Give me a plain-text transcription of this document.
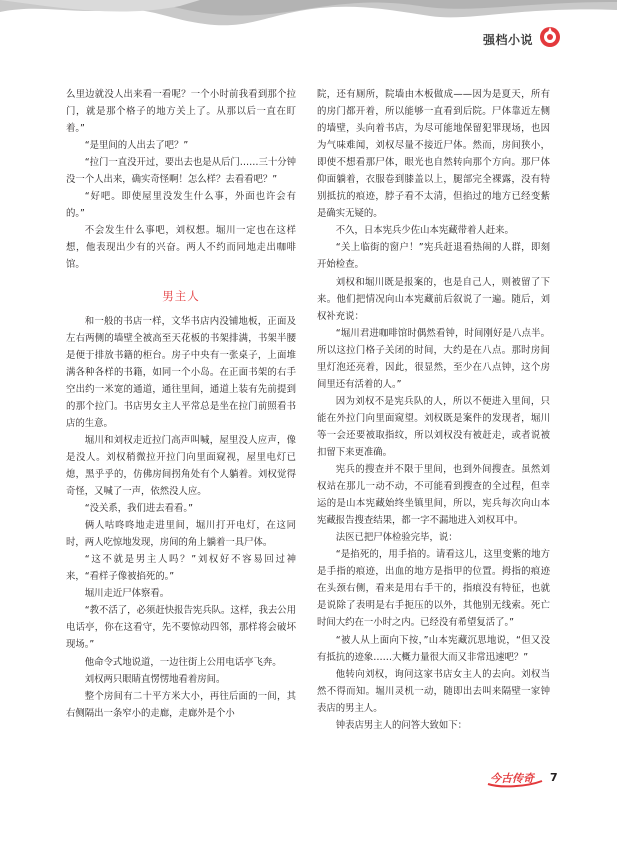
强档小说

么里边就没人出来看一看呢？一个小时前我看到那个拉门，就是那个格子的地方关上了。从那以后一直在盯着。”

“是里间的人出去了吧？”

“拉门一直没开过，要出去也是从后门……三十分钟没一个人出来，确实奇怪啊！怎么样？去看看吧？”

“好吧。即使屋里没发生什么事，外面也许会有的。”

不会发生什么事吧，刘权想。堀川一定也在这样想，他表现出少有的兴奋。两人不约而同地走出咖啡馆。

男主人

和一般的书店一样，文华书店内没铺地板，正面及左右两侧的墙壁全被高至天花板的书架排满，书架半腰是便于排放书籍的柜台。房子中央有一张桌子，上面堆满各种各样的书籍，如同一个小岛。在正面书架的右手空出约一米宽的通道，通往里间，通道上装有先前提到的那个拉门。书店男女主人平常总是坐在拉门前照看书店的生意。

堀川和刘权走近拉门高声叫喊，屋里没人应声，像是没人。刘权稍微拉开拉门向里面窥视，屋里电灯已熄，黑乎乎的，仿佛房间拐角处有个人躺着。刘权觉得奇怪，又喊了一声，依然没人应。

“没关系，我们进去看看。”

俩人咕咚咚地走进里间，堀川打开电灯，在这同时，两人吃惊地发现，房间的角上躺着一具尸体。

“这不就是男主人吗？”刘权好不容易回过神来，“看样子像被掐死的。”

堀川走近尸体察看。

“教不活了，必须赶快报告宪兵队。这样，我去公用电话亭，你在这看守，先不要惊动四邻，那样将会破坏现场。”

他命令式地说道，一边往街上公用电话亭飞奔。

刘权两只眼睛直愣愣地看着房间。

整个房间有二十平方米大小，再往后面的一间，其右侧隔出一条窄小的走廊，走廊外是个小

院，还有厕所，院墙由木板做成——因为是夏天，所有的房门都开着，所以能够一直看到后院。尸体靠近左侧的墙壁，头向着书店，为尽可能地保留犯罪现场，也因为气味难闻，刘权尽量不接近尸体。然而，房间狭小，即使不想看那尸体，眼光也自然转向那个方向。那尸体仰面躺着，衣服卷到膝盖以上，腿部完全裸露，没有特别抵抗的痕迹，脖子看不太清，但掐过的地方已经变紫是确实无疑的。

不久，日本宪兵少佐山本宪藏带着人赶来。

“关上临街的窗户！”宪兵赶退看热闹的人群，即刻开始检查。

刘权和堀川既是报案的，也是自己人，则被留了下来。他们把情况向山本宪藏前后叙说了一遍。随后，刘权补充说：

“堀川君进咖啡馆时偶然看钟，时间刚好是八点半。所以这拉门格子关闭的时间，大约是在八点。那时房间里灯泡还亮着，因此，很显然，至少在八点钟，这个房间里还有活着的人。”

因为刘权不是宪兵队的人，所以不便进入里间，只能在外拉门向里面窥望。刘权既是案件的发现者，堀川等一会还要被取指纹，所以刘权没有被赶走，或者说被扣留下来更准确。

宪兵的搜查并不限于里间，也到外间搜查。虽然刘权站在那儿一动不动，不可能看到搜查的全过程，但幸运的是山本宪藏始终坐镇里间，所以，宪兵每次向山本宪藏报告搜查结果，都一字不漏地进入刘权耳中。

法医已把尸体检验完毕，说：

“是掐死的，用手掐的。请看这儿，这里变紫的地方是手指的痕迹，出血的地方是指甲的位置。拇指的痕迹在头颈右侧，看来是用右手干的，指痕没有特征，也就是说除了表明是右手扼压的以外，其他别无线索。死亡时间大约在一小时之内。已经没有希望复活了。”

“被人从上面向下按，”山本宪藏沉思地说，“但又没有抵抗的迹象……大概力量很大而又非常迅速吧？”

他转向刘权，询问这家书店女主人的去向。刘权当然不得而知。堀川灵机一动，随即出去叫来隔壁一家钟表店的男主人。

钟表店男主人的问答大致如下：

今古传奇 7
